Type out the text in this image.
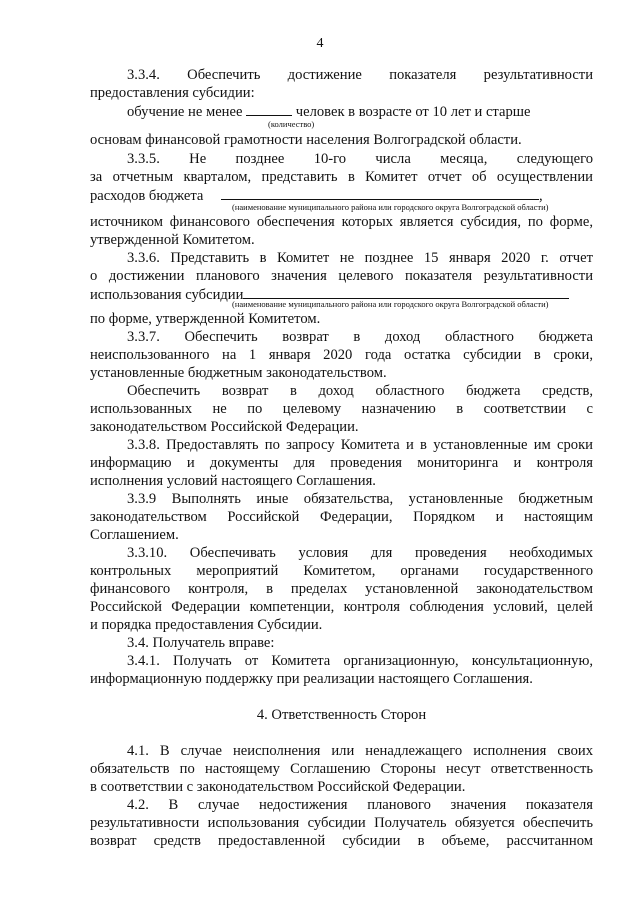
4
3.3.4. Обеспечить достижение показателя результативности
предоставления субсидии:
обучение не менее	человек в возрасте от 10 лет и старше
(количество)
основам финансовой грамотности населения Волгоградской области.
3.3.5. Не позднее 10-го числа месяца, следующего
за отчетным кварталом, представить в Комитет отчет об осуществлении
расходов бюджета	,
(наименование муниципального района или городского округа Волгоградской области)
источником финансового обеспечения которых является субсидия, по форме,
утвержденной Комитетом.
3.3.6. Представить в Комитет не позднее 15 января 2020 г. отчет
о достижении планового значения целевого показателя результативности
использования субсидии
(наименование муниципального района или городского округа Волгоградской области)
по форме, утвержденной Комитетом.
3.3.7. Обеспечить возврат в доход областного бюджета
неиспользованного на 1 января 2020 года остатка субсидии в сроки,
установленные бюджетным законодательством.
Обеспечить возврат в доход областного бюджета средств,
использованных не по целевому назначению в соответствии с
законодательством Российской Федерации.
3.3.8. Предоставлять по запросу Комитета и в установленные им сроки
информацию и документы для проведения мониторинга и контроля
исполнения условий настоящего Соглашения.
3.3.9 Выполнять иные обязательства, установленные бюджетным
законодательством Российской Федерации, Порядком и настоящим
Соглашением.
3.3.10. Обеспечивать условия для проведения необходимых
контрольных мероприятий Комитетом, органами государственного
финансового контроля, в пределах установленной законодательством
Российской Федерации компетенции, контроля соблюдения условий, целей
и порядка предоставления Субсидии.
3.4. Получатель вправе:
3.4.1. Получать от Комитета организационную, консультационную,
информационную поддержку при реализации настоящего Соглашения.
4. Ответственность Сторон
4.1. В случае неисполнения или ненадлежащего исполнения своих
обязательств по настоящему Соглашению Стороны несут ответственность
в соответствии с законодательством Российской Федерации.
4.2. В случае недостижения планового значения показателя
результативности использования субсидии Получатель обязуется обеспечить
возврат средств предоставленной субсидии в объеме, рассчитанном
